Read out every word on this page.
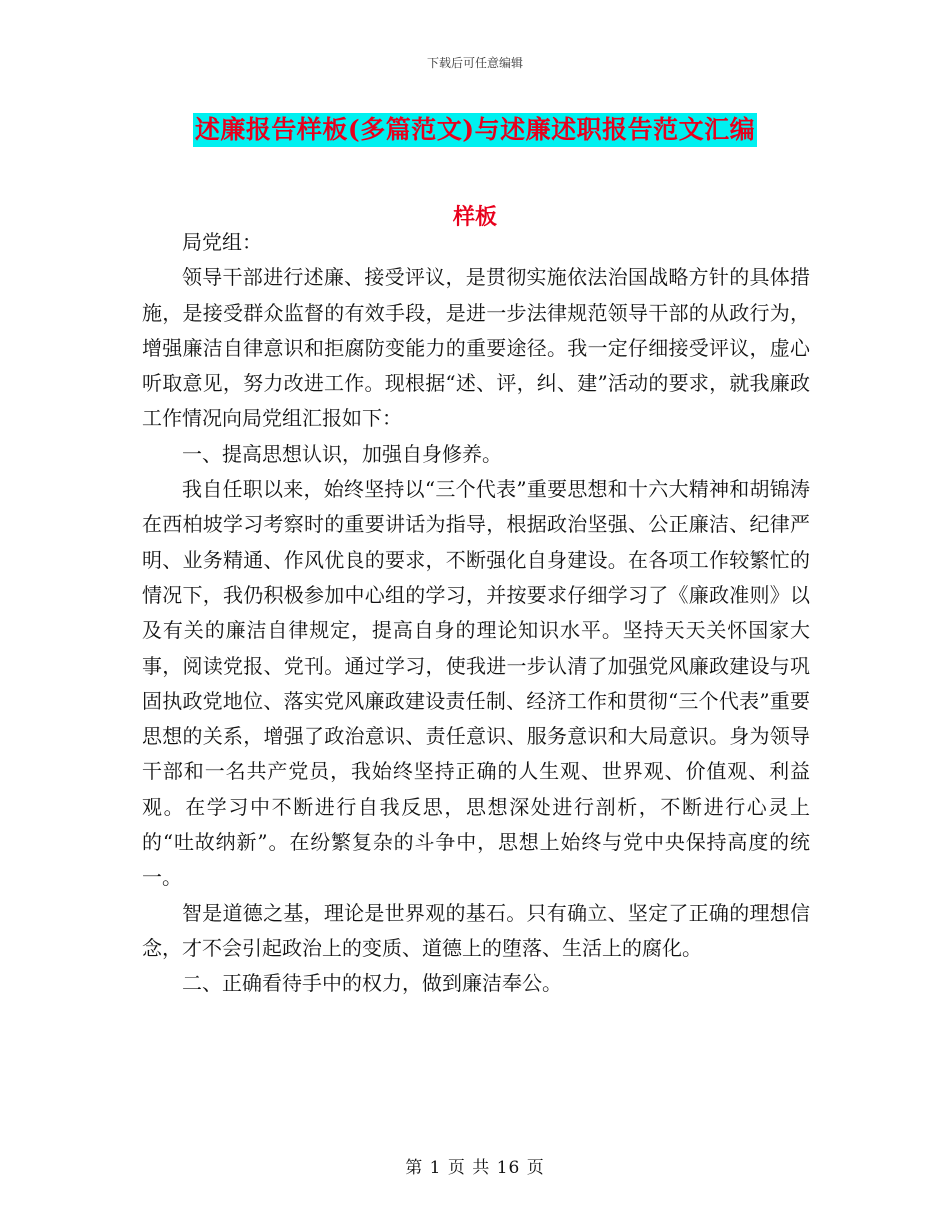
下载后可任意编辑
述廉报告样板(多篇范文)与述廉述职报告范文汇编
样板

局党组：

领导干部进行述廉、接受评议，是贯彻实施依法治国战略方针的具体措施，是接受群众监督的有效手段，是进一步法律规范领导干部的从政行为，增强廉洁自律意识和拒腐防变能力的重要途径。我一定仔细接受评议，虚心听取意见，努力改进工作。现根据“述、评，纠、建”活动的要求，就我廉政工作情况向局党组汇报如下：

一、提高思想认识，加强自身修养。

我自任职以来，始终坚持以“三个代表”重要思想和十六大精神和胡锦涛在西柏坡学习考察时的重要讲话为指导，根据政治坚强、公正廉洁、纪律严明、业务精通、作风优良的要求，不断强化自身建设。在各项工作较繁忙的情况下，我仍积极参加中心组的学习，并按要求仔细学习了《廉政准则》以及有关的廉洁自律规定，提高自身的理论知识水平。坚持天天关怀国家大事，阅读党报、党刊。通过学习，使我进一步认清了加强党风廉政建设与巩固执政党地位、落实党风廉政建设责任制、经济工作和贯彻“三个代表”重要思想的关系，增强了政治意识、责任意识、服务意识和大局意识。身为领导干部和一名共产党员，我始终坚持正确的人生观、世界观、价值观、利益观。在学习中不断进行自我反思，思想深处进行剖析，不断进行心灵上的“吐故纳新”。在纷繁复杂的斗争中，思想上始终与党中央保持高度的统一。

智是道德之基，理论是世界观的基石。只有确立、坚定了正确的理想信念，才不会引起政治上的变质、道德上的堕落、生活上的腐化。

二、正确看待手中的权力，做到廉洁奉公。

第 1 页 共 16 页
